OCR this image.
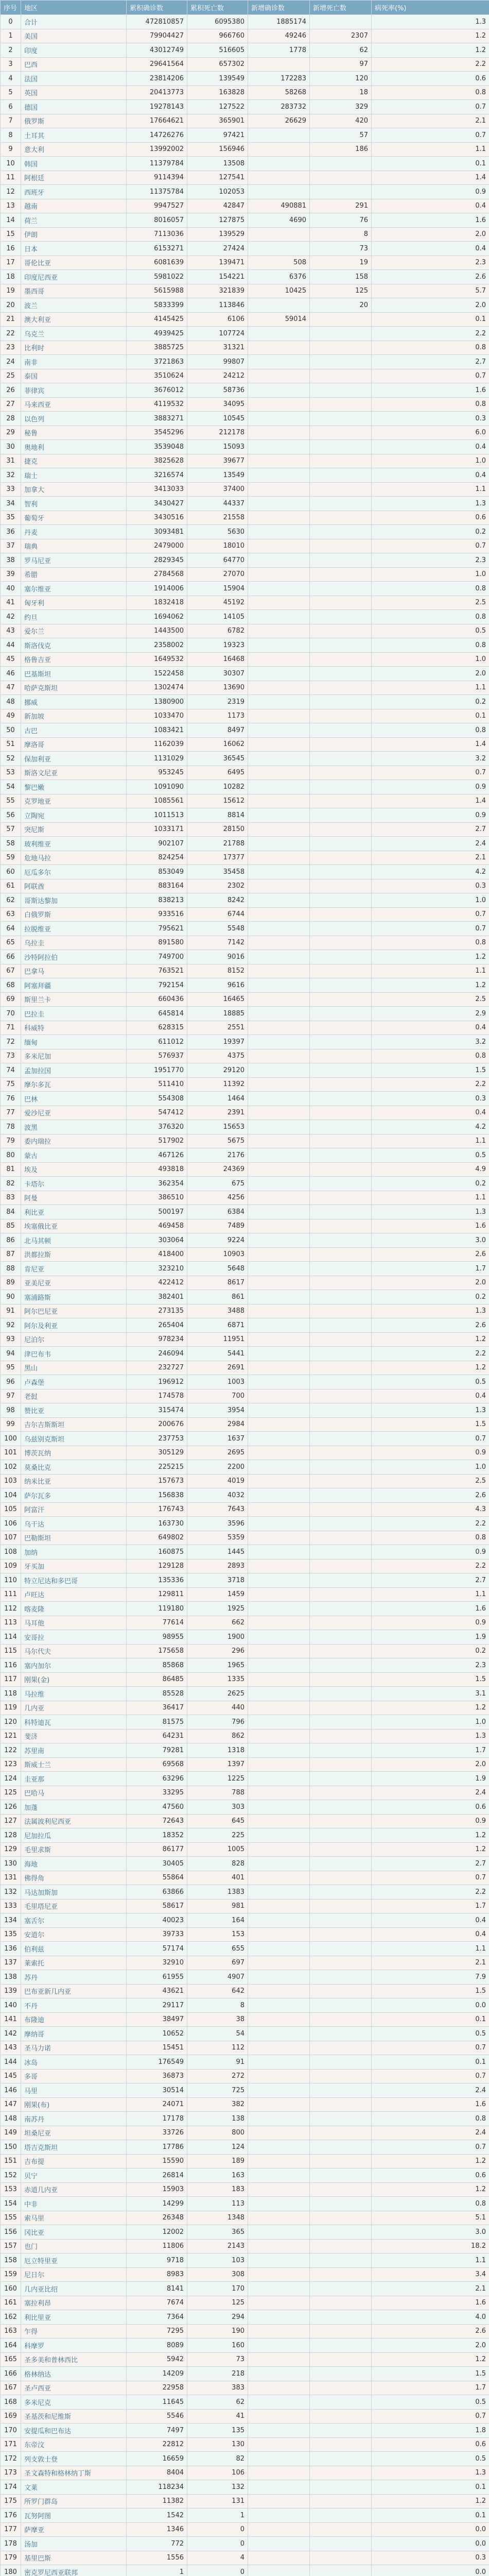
序号	地区	累积确诊数	累积死亡数	新增确诊数	新增死亡数	病死率(%)
0	合计	472810857	6095380	1885174		1.3
1	美国	79904427	966760	49246	2307	1.2
2	印度	43012749	516605	1778	62	1.2
3	巴西	29641564	657302		97	2.2
4	法国	23814206	139549	172283	120	0.6
5	英国	20413773	163828	58268	18	0.8
6	德国	19278143	127522	283732	329	0.7
7	俄罗斯	17664621	365901	26629	420	2.1
8	土耳其	14726276	97421		57	0.7
9	意大利	13992002	156946		186	1.1
10	韩国	11379784	13508			0.1
11	阿根廷	9114394	127541			1.4
12	西班牙	11375784	102053			0.9
13	越南	9947527	42847	490881	291	0.4
14	荷兰	8016057	127875	4690	76	1.6
15	伊朗	7113036	139529		8	2.0
16	日本	6153271	27424		73	0.4
17	哥伦比亚	6081639	139471	508	19	2.3
18	印度尼西亚	5981022	154221	6376	158	2.6
19	墨西哥	5615988	321839	10425	125	5.7
20	波兰	5833399	113846		20	2.0
21	澳大利亚	4145425	6106	59014		0.1
22	乌克兰	4939425	107724			2.2
23	比利时	3885725	31321			0.8
24	南非	3721863	99807			2.7
25	泰国	3510624	24212			0.7
26	菲律宾	3676012	58736			1.6
27	马来西亚	4119532	34095			0.8
28	以色列	3883271	10545			0.3
29	秘鲁	3545296	212178			6.0
30	奥地利	3539048	15093			0.4
31	捷克	3825628	39677			1.0
32	瑞士	3216574	13549			0.4
33	加拿大	3413033	37400			1.1
34	智利	3430427	44337			1.3
35	葡萄牙	3430516	21558			0.6
36	丹麦	3093481	5630			0.2
37	瑞典	2479000	18010			0.7
38	罗马尼亚	2829345	64770			2.3
39	希腊	2784568	27070			1.0
40	塞尔维亚	1914006	15904			0.8
41	匈牙利	1832418	45192			2.5
42	约旦	1694062	14105			0.8
43	爱尔兰	1443500	6782			0.5
44	斯洛伐克	2358002	19323			0.8
45	格鲁吉亚	1649532	16468			1.0
46	巴基斯坦	1522458	30307			2.0
47	哈萨克斯坦	1302474	13690			1.1
48	挪威	1380900	2319			0.2
49	新加坡	1033470	1173			0.1
50	古巴	1083421	8497			0.8
51	摩洛哥	1162039	16062			1.4
52	保加利亚	1131029	36545			3.2
53	斯洛文尼亚	953245	6495			0.7
54	黎巴嫩	1091090	10282			0.9
55	克罗地亚	1085561	15612			1.4
56	立陶宛	1011513	8814			0.9
57	突尼斯	1033171	28150			2.7
58	玻利维亚	902107	21788			2.4
59	危地马拉	824254	17377			2.1
60	厄瓜多尔	853049	35458			4.2
61	阿联酋	883164	2302			0.3
62	哥斯达黎加	838213	8242			1.0
63	白俄罗斯	933516	6744			0.7
64	拉脱维亚	795621	5548			0.7
65	乌拉圭	891580	7142			0.8
66	沙特阿拉伯	749700	9016			1.2
67	巴拿马	763521	8152			1.1
68	阿塞拜疆	792154	9616			1.2
69	斯里兰卡	660436	16465			2.5
70	巴拉圭	645814	18885			2.9
71	科威特	628315	2551			0.4
72	缅甸	611012	19397			3.2
73	多米尼加	576937	4375			0.8
74	孟加拉国	1951770	29120			1.5
75	摩尔多瓦	511410	11392			2.2
76	巴林	554308	1464			0.3
77	爱沙尼亚	547412	2391			0.4
78	波黑	376320	15653			4.2
79	委内瑞拉	517902	5675			1.1
80	蒙古	467126	2176			0.5
81	埃及	493818	24369			4.9
82	卡塔尔	362354	675			0.2
83	阿曼	386510	4256			1.1
84	利比亚	500197	6384			1.3
85	埃塞俄比亚	469458	7489			1.6
86	北马其顿	303064	9224			3.0
87	洪都拉斯	418400	10903			2.6
88	肯尼亚	323210	5648			1.7
89	亚美尼亚	422412	8617			2.0
90	塞浦路斯	382401	861			0.2
91	阿尔巴尼亚	273135	3488			1.3
92	阿尔及利亚	265404	6871			2.6
93	尼泊尔	978234	11951			1.2
94	津巴布韦	246094	5441			2.2
95	黑山	232727	2691			1.2
96	卢森堡	196912	1003			0.5
97	老挝	174578	700			0.4
98	赞比亚	315474	3954			1.3
99	吉尔吉斯斯坦	200676	2984			1.5
100	乌兹别克斯坦	237753	1637			0.7
101	博茨瓦纳	305129	2695			0.9
102	莫桑比克	225215	2200			1.0
103	纳米比亚	157673	4019			2.5
104	萨尔瓦多	156838	4032			2.6
105	阿富汗	176743	7643			4.3
106	乌干达	163730	3596			2.2
107	巴勒斯坦	649802	5359			0.8
108	加纳	160875	1445			0.9
109	牙买加	129128	2893			2.2
110	特立尼达和多巴哥	135336	3718			2.7
111	卢旺达	129811	1459			1.1
112	喀麦隆	119180	1925			1.6
113	马耳他	77614	662			0.9
114	安哥拉	98955	1900			1.9
115	马尔代夫	175658	296			0.2
116	塞内加尔	85868	1965			2.3
117	刚果(金)	86485	1335			1.5
118	马拉维	85528	2625			3.1
119	几内亚	36417	440			1.2
120	科特迪瓦	81575	796			1.0
121	斐济	64231	862			1.3
122	苏里南	79281	1318			1.7
123	斯威士兰	69568	1397			2.0
124	圭亚那	63296	1225			1.9
125	巴哈马	33295	788			2.4
126	加蓬	47560	303			0.6
127	法属波利尼西亚	72643	645			0.9
128	尼加拉瓜	18352	225			1.2
129	毛里求斯	86177	1005			1.2
130	海地	30405	828			2.7
131	佛得角	55864	401			0.7
132	马达加斯加	63866	1383			2.2
133	毛里塔尼亚	58617	981			1.7
134	塞舌尔	40023	164			0.4
135	安道尔	39733	153			0.4
136	伯利兹	57174	655			1.1
137	莱索托	32910	697			2.1
138	苏丹	61955	4907			7.9
139	巴布亚新几内亚	43621	642			1.5
140	不丹	29117	8			0.0
141	布隆迪	38497	38			0.1
142	摩纳哥	10652	54			0.5
143	圣马力诺	15451	112			0.7
144	冰岛	176549	91			0.1
145	多哥	36873	272			0.7
146	马里	30514	725			2.4
147	刚果(布)	24071	382			1.6
148	南苏丹	17178	138			0.8
149	坦桑尼亚	33726	800			2.4
150	塔吉克斯坦	17786	124			0.7
151	吉布提	15590	189			1.2
152	贝宁	26814	163			0.6
153	赤道几内亚	15903	183			1.2
154	中非	14299	113			0.8
155	索马里	26348	1348			5.1
156	冈比亚	12002	365			3.0
157	也门	11806	2143			18.2
158	厄立特里亚	9718	103			1.1
159	尼日尔	8983	308			3.4
160	几内亚比绍	8141	170			2.1
161	塞拉利昂	7674	125			1.6
162	利比里亚	7364	294			4.0
163	乍得	7295	190			2.6
164	科摩罗	8089	160			2.0
165	圣多美和普林西比	5942	73			1.2
166	格林纳达	14209	218			1.5
167	圣卢西亚	22958	383			1.7
168	多米尼克	11645	62			0.5
169	圣基茨和尼维斯	5546	41			0.7
170	安提瓜和巴布达	7497	135			1.8
171	东帝汶	22812	130			0.6
172	列支敦士登	16659	82			0.5
173	圣文森特和格林纳丁斯	8404	106			1.3
174	文莱	118234	132			0.1
175	所罗门群岛	11382	131			1.2
176	瓦努阿图	1542	1			0.1
177	萨摩亚	1346	0			0.0
178	汤加	772	0			0.0
179	基里巴斯	1556	4			0.3
180	密克罗尼西亚联邦	1	0			0.0
